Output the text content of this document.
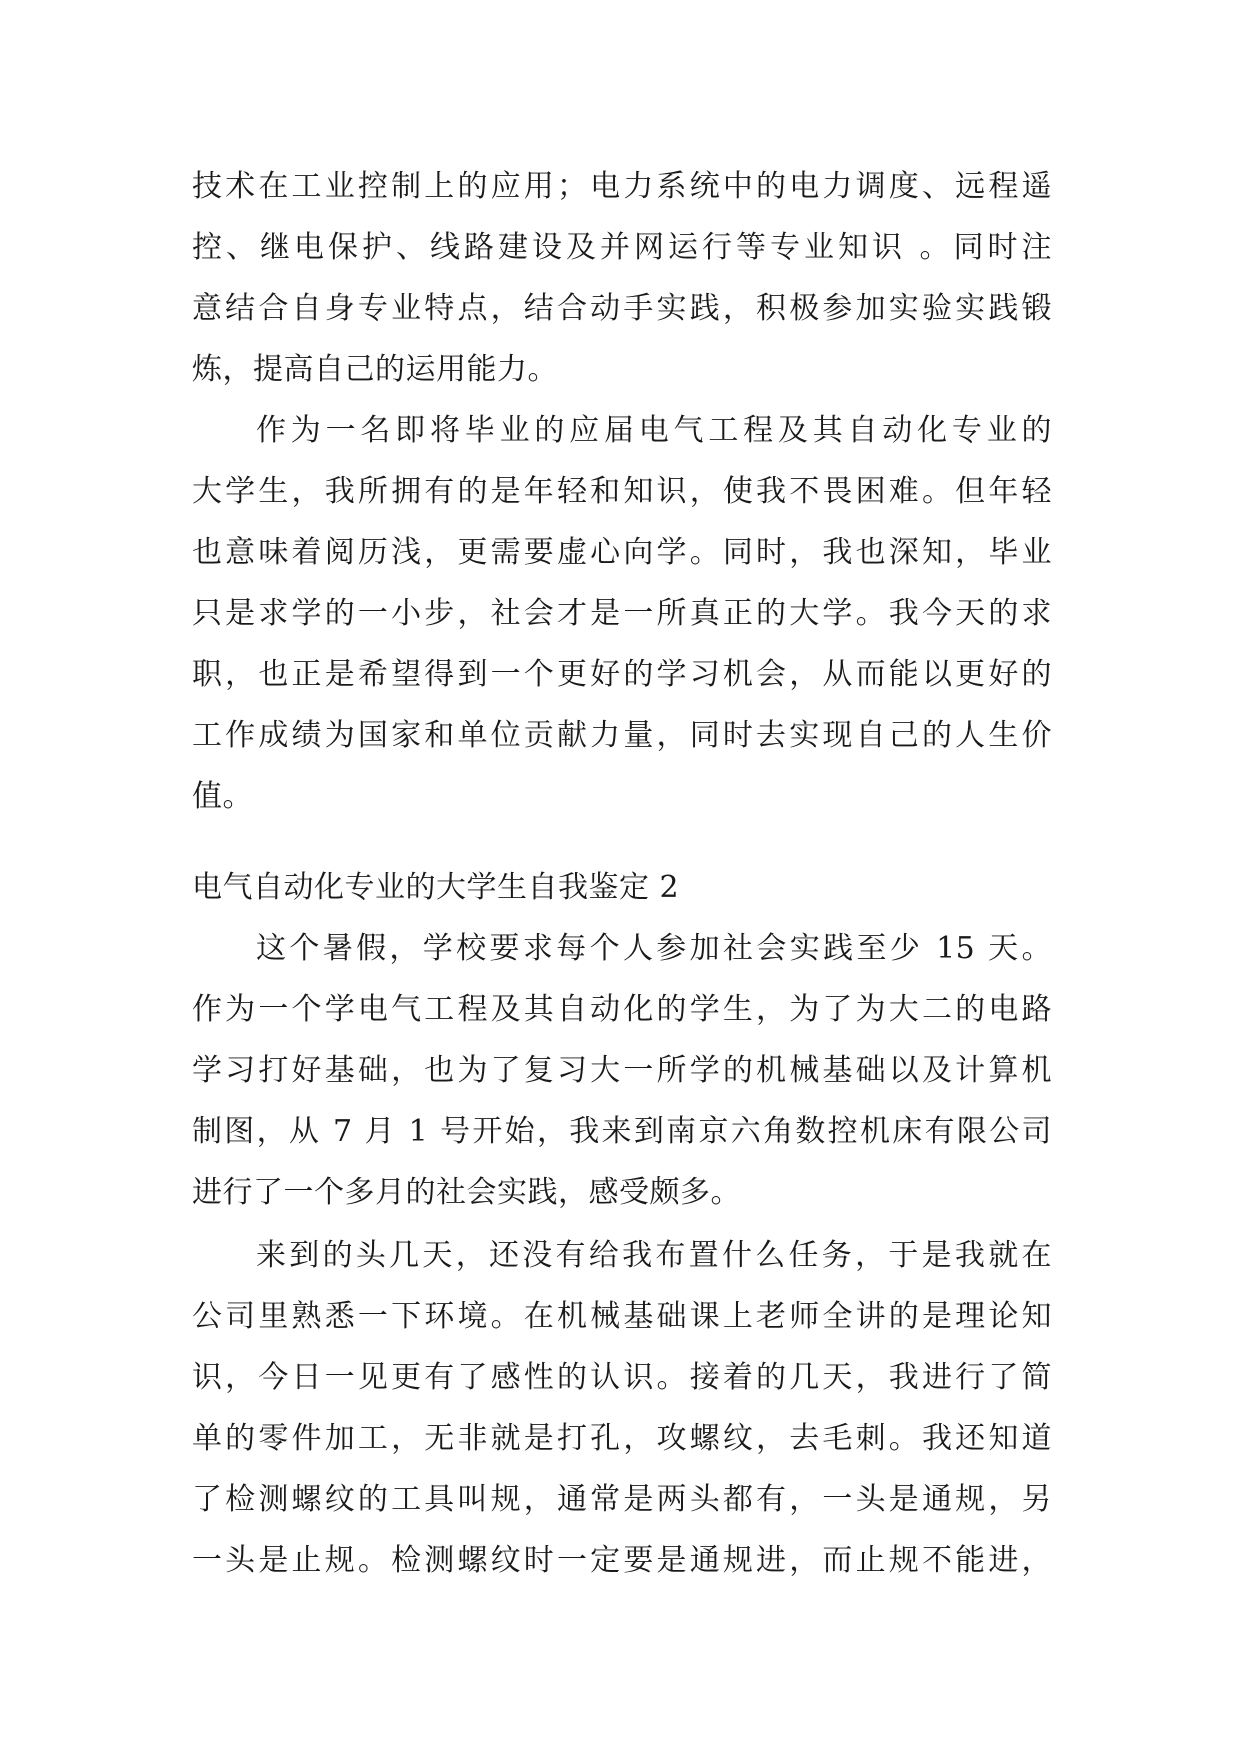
技术在工业控制上的应用；电力系统中的电力调度、远程遥
控、继电保护、线路建设及并网运行等专业知识 。同时注
意结合自身专业特点，结合动手实践，积极参加实验实践锻
炼，提高自己的运用能力。
作为一名即将毕业的应届电气工程及其自动化专业的
大学生，我所拥有的是年轻和知识，使我不畏困难。但年轻
也意味着阅历浅，更需要虚心向学。同时，我也深知，毕业
只是求学的一小步，社会才是一所真正的大学。我今天的求
职，也正是希望得到一个更好的学习机会，从而能以更好的
工作成绩为国家和单位贡献力量，同时去实现自己的人生价
值。
电气自动化专业的大学生自我鉴定 2
这个暑假，学校要求每个人参加社会实践至少 15 天。
作为一个学电气工程及其自动化的学生，为了为大二的电路
学习打好基础，也为了复习大一所学的机械基础以及计算机
制图，从 7 月 1 号开始，我来到南京六角数控机床有限公司
进行了一个多月的社会实践，感受颇多。
来到的头几天，还没有给我布置什么任务，于是我就在
公司里熟悉一下环境。在机械基础课上老师全讲的是理论知
识，今日一见更有了感性的认识。接着的几天，我进行了简
单的零件加工，无非就是打孔，攻螺纹，去毛刺。我还知道
了检测螺纹的工具叫规，通常是两头都有，一头是通规，另
一头是止规。检测螺纹时一定要是通规进，而止规不能进，
